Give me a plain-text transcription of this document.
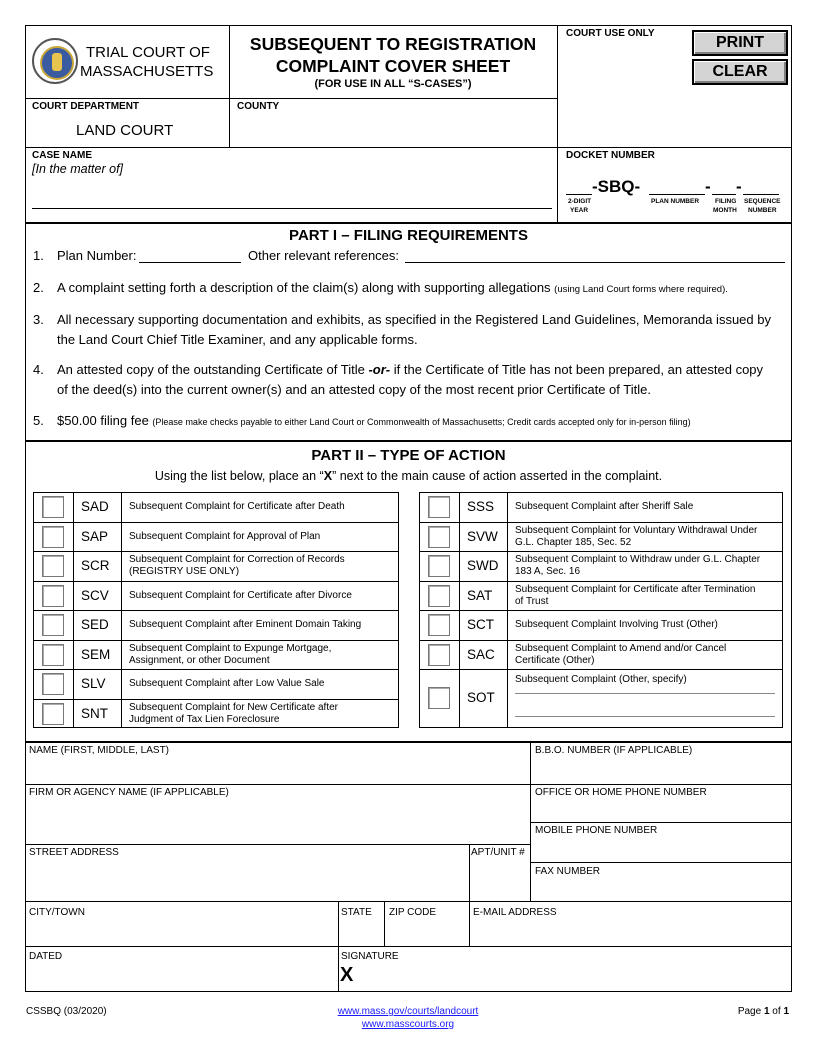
TRIAL COURT OF
MASSACHUSETTS
SUBSEQUENT TO REGISTRATION
COMPLAINT COVER SHEET
(FOR USE IN ALL “S-CASES”)
COURT USE ONLY
PRINT
CLEAR
COURT DEPARTMENT
LAND COURT
COUNTY
CASE NAME
[In the matter of]
DOCKET NUMBER
-SBQ-	- -
2-DIGIT
YEAR
PLAN NUMBER FILING
MONTH
SEQUENCE
NUMBER
PART I – FILING REQUIREMENTS
1. Plan Number:	Other relevant references:
2. A complaint setting forth a description of the claim(s) along with supporting allegations (using Land Court forms where required).
3. All necessary supporting documentation and exhibits, as specified in the Registered Land Guidelines, Memoranda issued by
the Land Court Chief Title Examiner, and any applicable forms.
4. An attested copy of the outstanding Certificate of Title -or- if the Certificate of Title has not been prepared, an attested copy
of the deed(s) into the current owner(s) and an attested copy of the most recent prior Certificate of Title.
5. $50.00 filing fee (Please make checks payable to either Land Court or Commonwealth of Massachusetts; Credit cards accepted only for in-person filing)
PART II – TYPE OF ACTION
Using the list below, place an “X” next to the main cause of action asserted in the complaint.
SAD Subsequent Complaint for Certificate after Death
SAP Subsequent Complaint for Approval of Plan
SCR Subsequent Complaint for Correction of Records
(REGISTRY USE ONLY)
SCV Subsequent Complaint for Certificate after Divorce
SED Subsequent Complaint after Eminent Domain Taking
SEM Subsequent Complaint to Expunge Mortgage,
Assignment, or other Document
SLV Subsequent Complaint after Low Value Sale
SNT Subsequent Complaint for New Certificate after
Judgment of Tax Lien Foreclosure
SSS Subsequent Complaint after Sheriff Sale
SVW Subsequent Complaint for Voluntary Withdrawal Under
G.L. Chapter 185, Sec. 52
SWD Subsequent Complaint to Withdraw under G.L. Chapter
183 A, Sec. 16
SAT Subsequent Complaint for Certificate after Termination
of Trust
SCT Subsequent Complaint Involving Trust (Other)
SAC Subsequent Complaint to Amend and/or Cancel
Certificate (Other)
SOT
Subsequent Complaint (Other, specify)
NAME (FIRST, MIDDLE, LAST)	B.B.O. NUMBER (IF APPLICABLE)
FIRM OR AGENCY NAME (IF APPLICABLE)	OFFICE OR HOME PHONE NUMBER
MOBILE PHONE NUMBER
STREET ADDRESS	APT/UNIT #
FAX NUMBER
CITY/TOWN	STATE ZIP CODE	E-MAIL ADDRESS
DATED	SIGNATURE
X
CSSBQ (03/2020)	www.mass.gov/courts/landcourt
www.masscourts.org
Page 1 of 1
